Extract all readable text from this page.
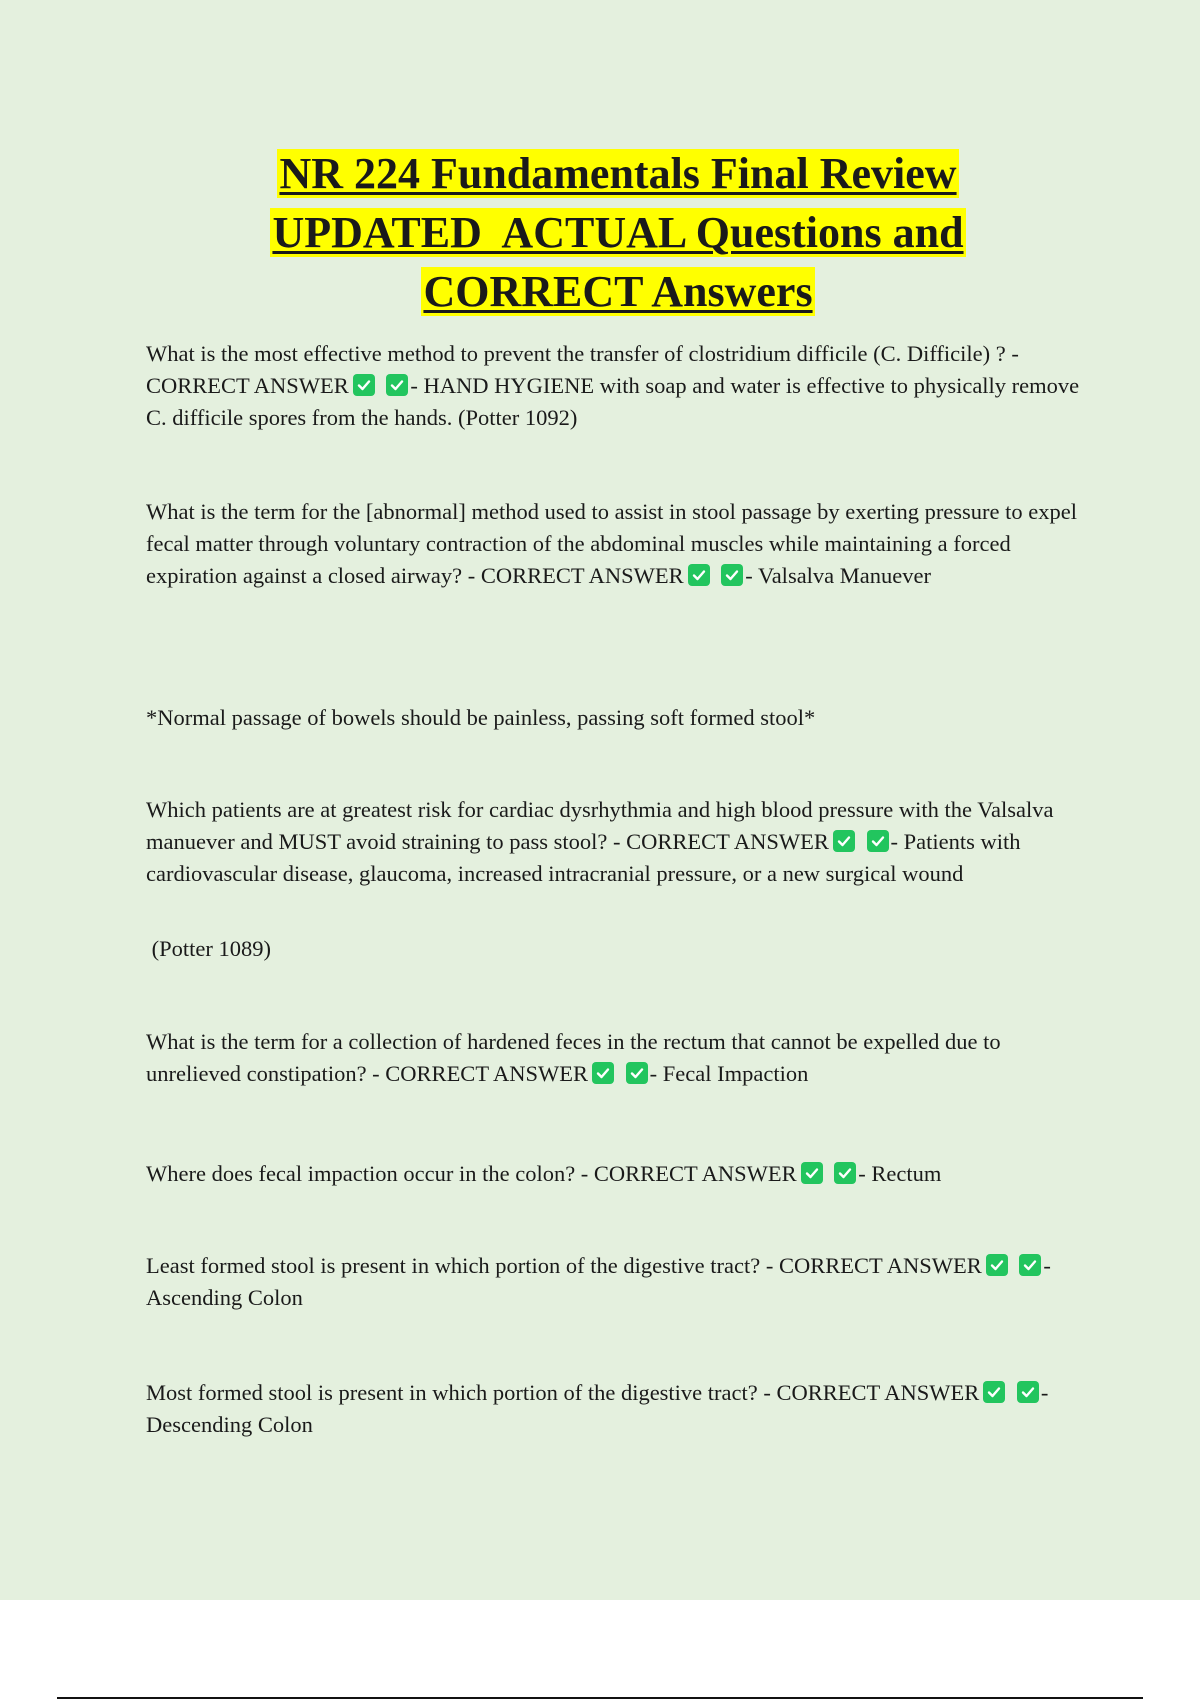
NR 224 Fundamentals Final Review
UPDATED  ACTUAL Questions and
CORRECT Answers

What is the most effective method to prevent the transfer of clostridium difficile (C. Difficile) ? - CORRECT ANSWER
	- HAND HYGIENE with soap and water is effective to physically remove C. difficile spores from the hands. (Potter 1092)

What is the term for the [abnormal] method used to assist in stool passage by exerting pressure to expel fecal matter through voluntary contraction of the abdominal muscles while maintaining a forced expiration against a closed airway? - CORRECT ANSWER
	- Valsalva Manuever

*Normal passage of bowels should be painless, passing soft formed stool*

Which patients are at greatest risk for cardiac dysrhythmia and high blood pressure with the Valsalva manuever and MUST avoid straining to pass stool? - CORRECT ANSWER
	- Patients with cardiovascular disease, glaucoma, increased intracranial pressure, or a new surgical wound

(Potter 1089)

What is the term for a collection of hardened feces in the rectum that cannot be expelled due to unrelieved constipation? - CORRECT ANSWER
	- Fecal Impaction

Where does fecal impaction occur in the colon? - CORRECT ANSWER
	- Rectum

Least formed stool is present in which portion of the digestive tract? - CORRECT ANSWER
	- Ascending Colon

Most formed stool is present in which portion of the digestive tract? - CORRECT ANSWER
	- Descending Colon
